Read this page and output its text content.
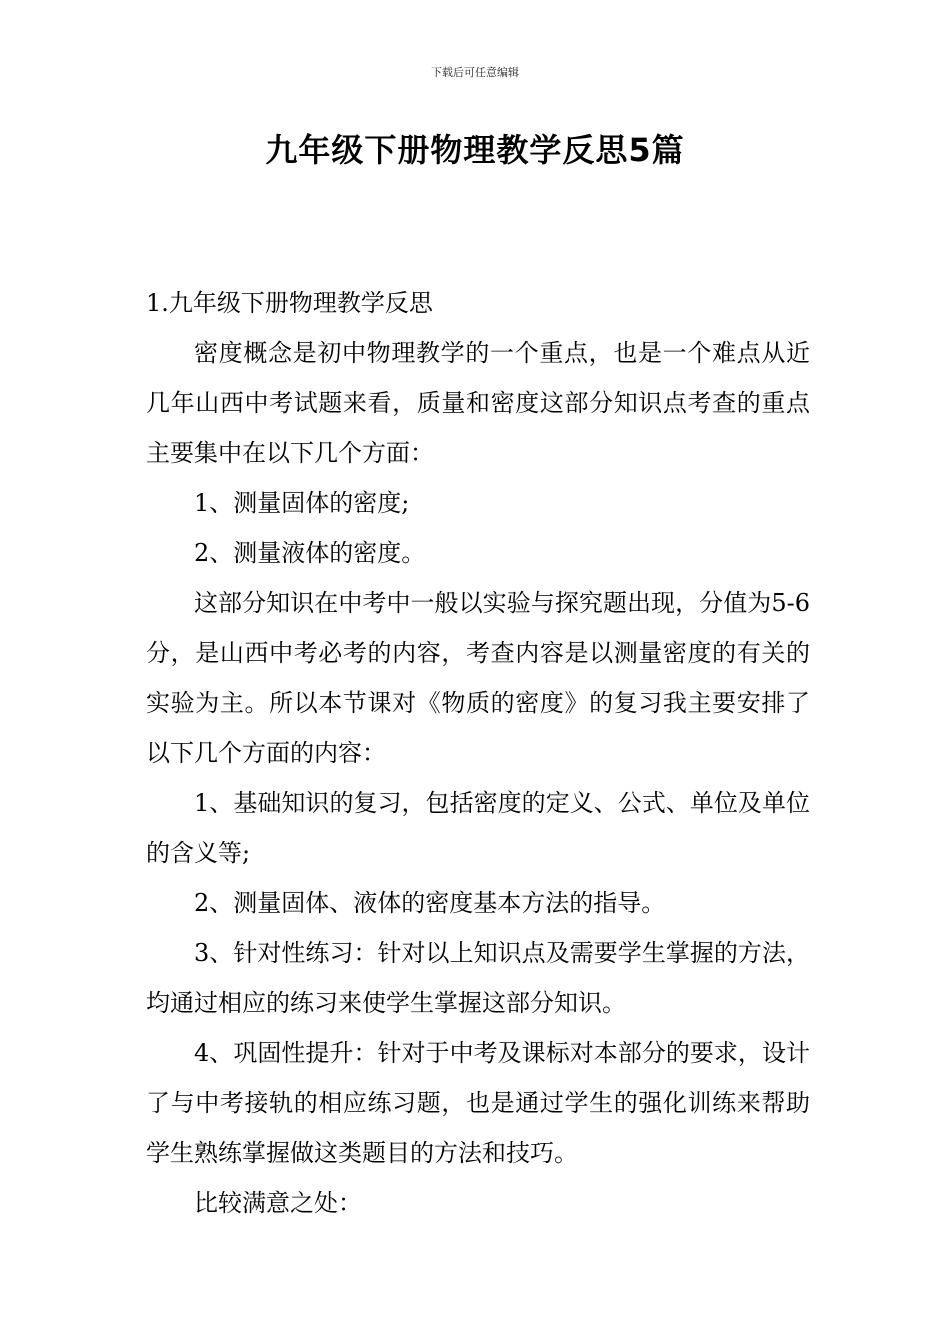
下载后可任意编辑
九年级下册物理教学反思5篇

1.九年级下册物理教学反思

密度概念是初中物理教学的一个重点，也是一个难点从近几年山西中考试题来看，质量和密度这部分知识点考查的重点主要集中在以下几个方面：

1、测量固体的密度;

2、测量液体的密度。

这部分知识在中考中一般以实验与探究题出现，分值为5-6分，是山西中考必考的内容，考查内容是以测量密度的有关的实验为主。所以本节课对《物质的密度》的复习我主要安排了以下几个方面的内容：

1、基础知识的复习，包括密度的定义、公式、单位及单位的含义等;

2、测量固体、液体的密度基本方法的指导。

3、针对性练习：针对以上知识点及需要学生掌握的方法，均通过相应的练习来使学生掌握这部分知识。

4、巩固性提升：针对于中考及课标对本部分的要求，设计了与中考接轨的相应练习题，也是通过学生的强化训练来帮助学生熟练掌握做这类题目的方法和技巧。

比较满意之处：
